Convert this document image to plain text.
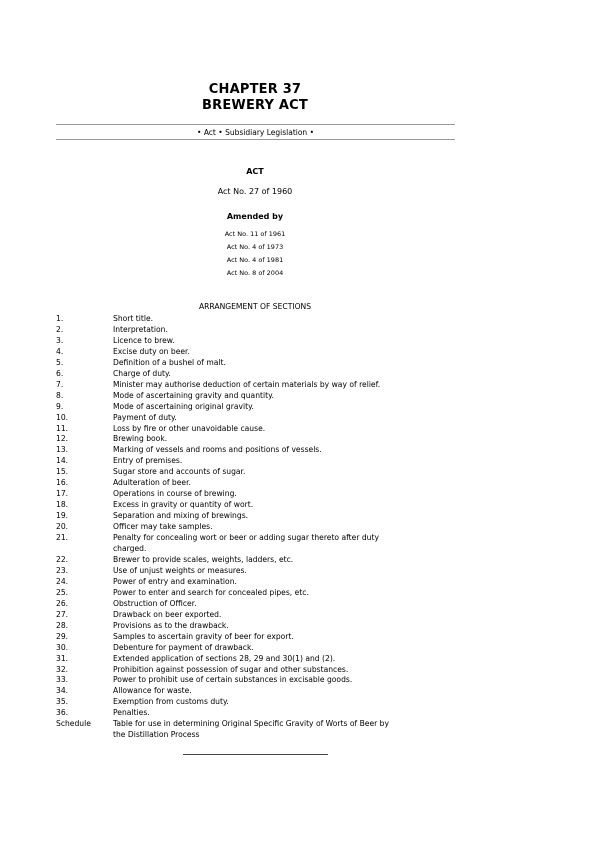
CHAPTER 37
BREWERY ACT
• Act • Subsidiary Legislation •
ACT
Act No. 27 of 1960
Amended by
Act No. 11 of 1961
Act No. 4 of 1973
Act No. 4 of 1981
Act No. 8 of 2004
ARRANGEMENT OF SECTIONS
1.	Short title.
2.	Interpretation.
3.	Licence to brew.
4.	Excise duty on beer.
5.	Definition of a bushel of malt.
6.	Charge of duty.
7.	Minister may authorise deduction of certain materials by way of relief.
8.	Mode of ascertaining gravity and quantity.
9.	Mode of ascertaining original gravity.
10.	Payment of duty.
11.	Loss by fire or other unavoidable cause.
12.	Brewing book.
13.	Marking of vessels and rooms and positions of vessels.
14.	Entry of premises.
15.	Sugar store and accounts of sugar.
16.	Adulteration of beer.
17.	Operations in course of brewing.
18.	Excess in gravity or quantity of wort.
19.	Separation and mixing of brewings.
20.	Officer may take samples.
21.	Penalty for concealing wort or beer or adding sugar thereto after duty
charged.
22.	Brewer to provide scales, weights, ladders, etc.
23.	Use of unjust weights or measures.
24.	Power of entry and examination.
25.	Power to enter and search for concealed pipes, etc.
26.	Obstruction of Officer.
27.	Drawback on beer exported.
28.	Provisions as to the drawback.
29.	Samples to ascertain gravity of beer for export.
30.	Debenture for payment of drawback.
31.	Extended application of sections 28, 29 and 30(1) and (2).
32.	Prohibition against possession of sugar and other substances.
33.	Power to prohibit use of certain substances in excisable goods.
34.	Allowance for waste.
35.	Exemption from customs duty.
36.	Penalties.
Schedule	Table for use in determining Original Specific Gravity of Worts of Beer by
the Distillation Process
